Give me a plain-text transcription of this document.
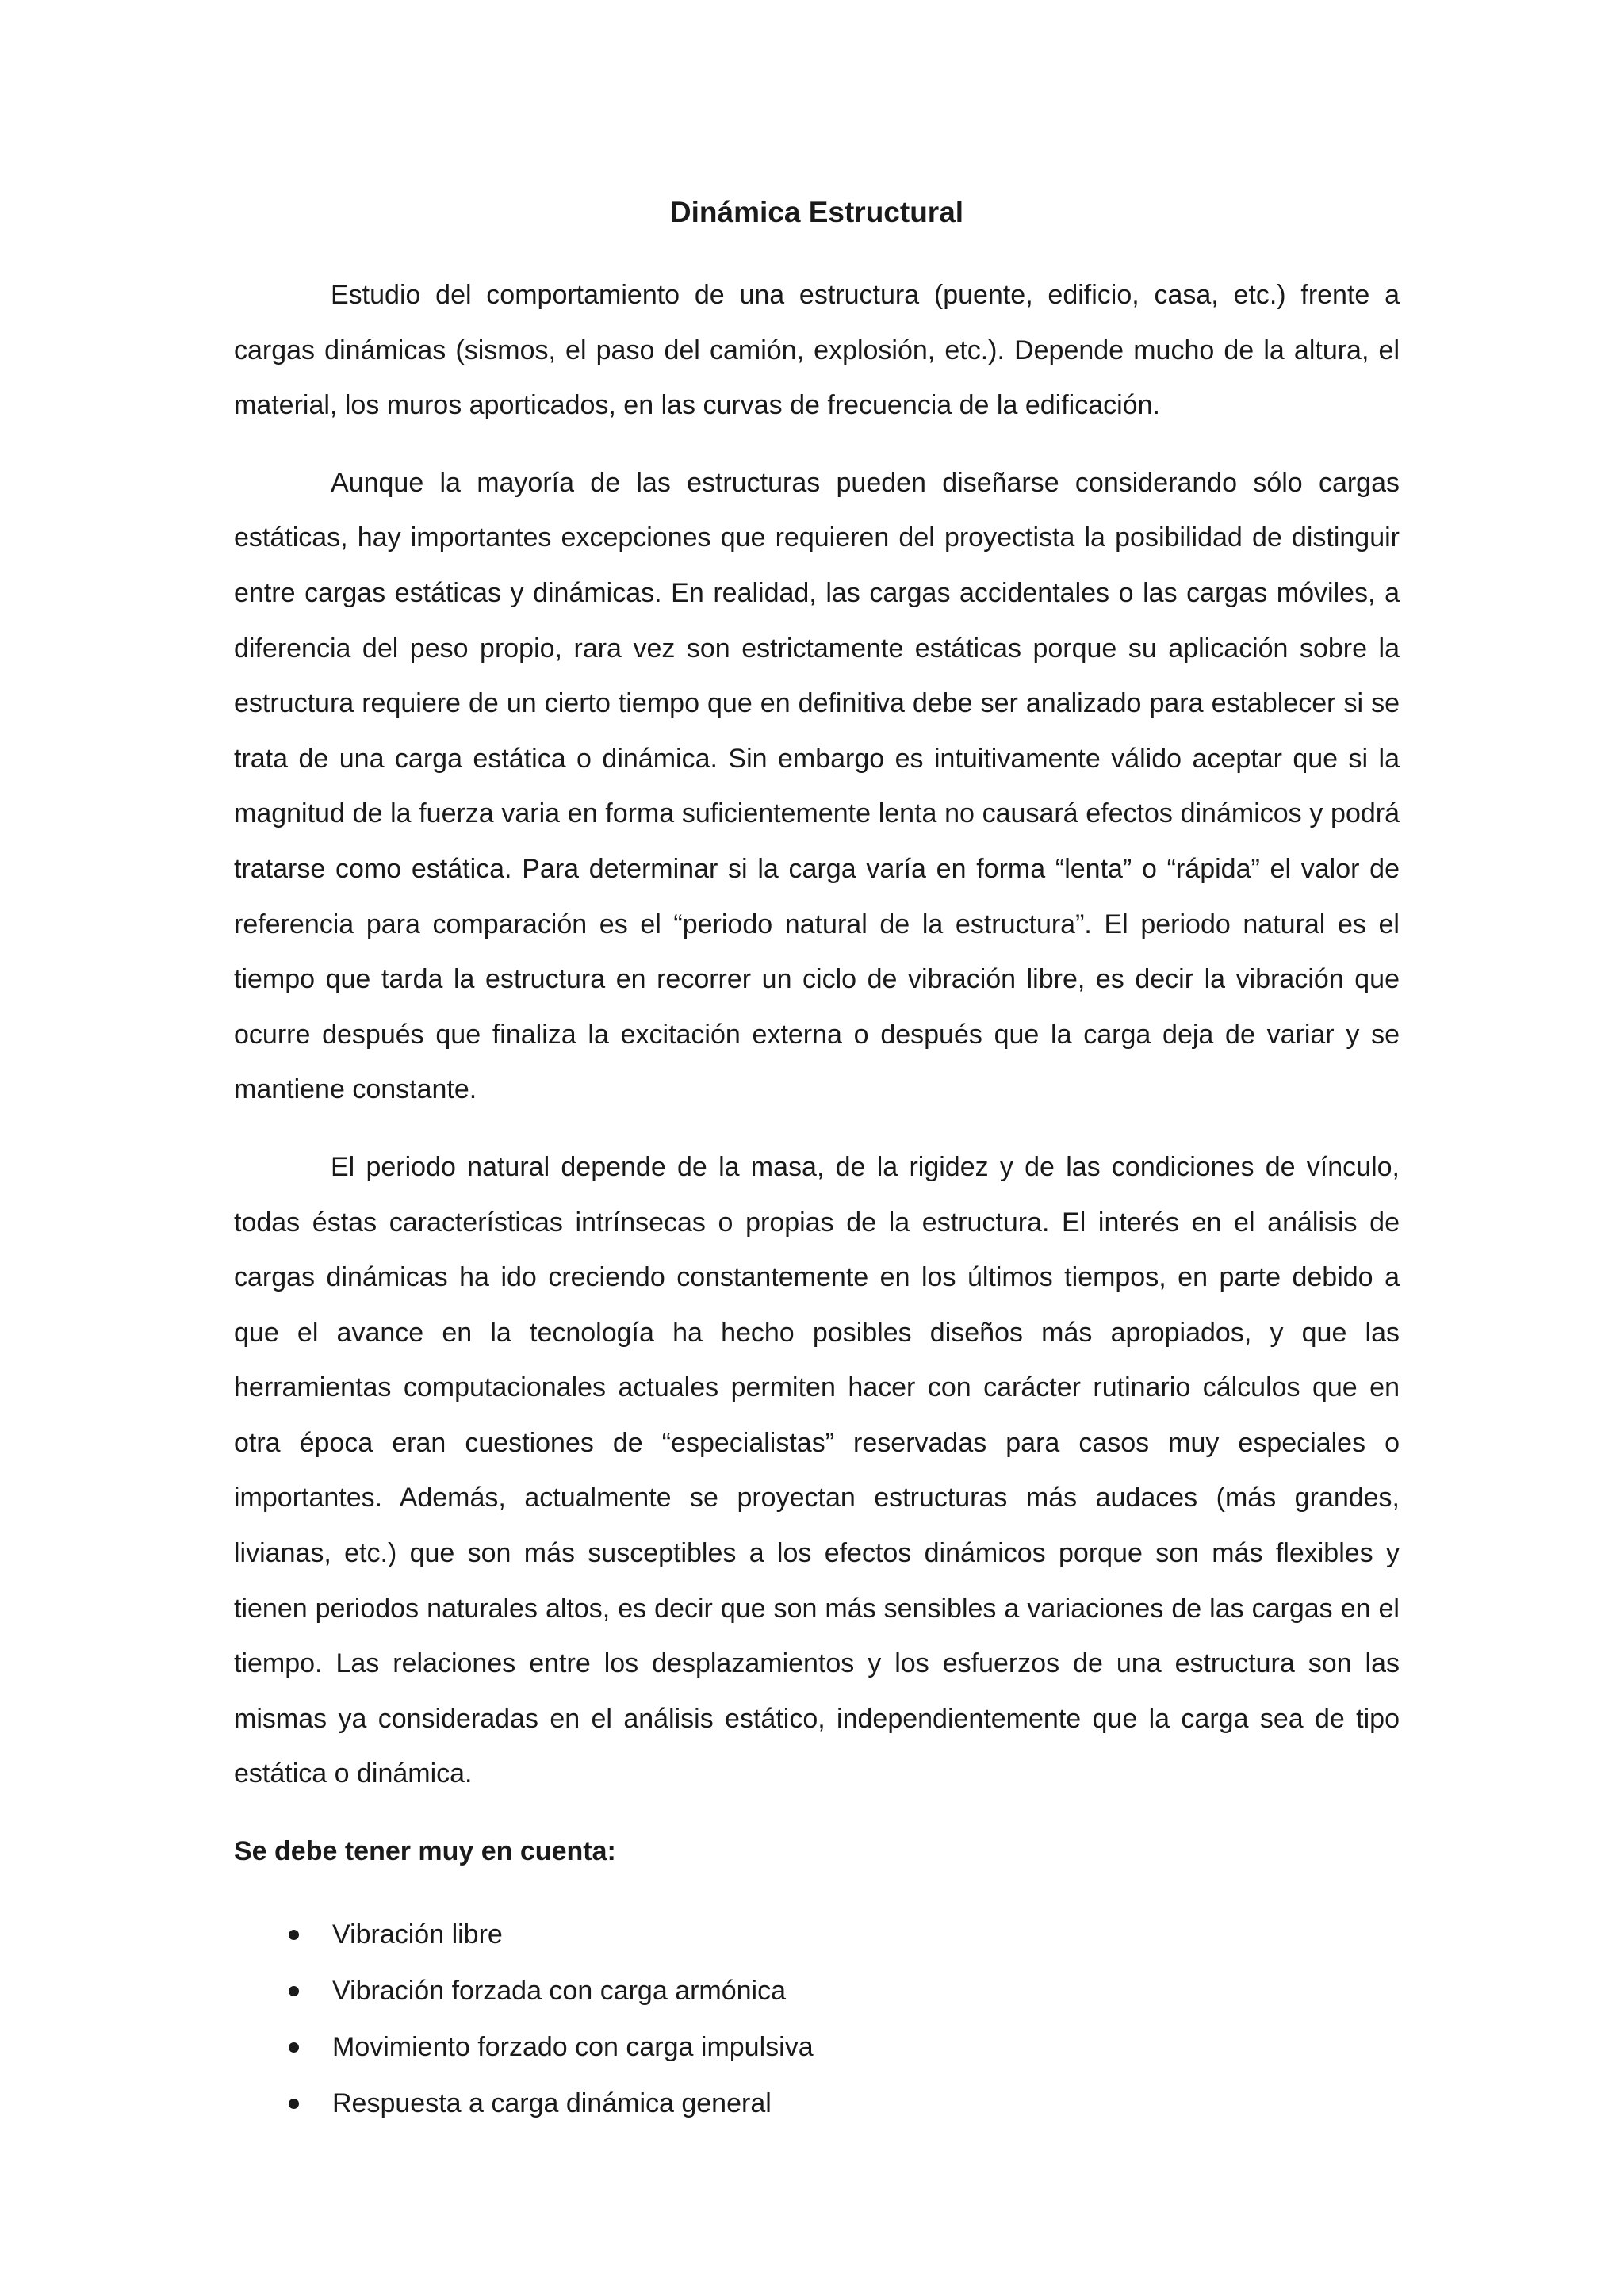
Dinámica Estructural

Estudio del comportamiento de una estructura (puente, edificio, casa, etc.) frente a cargas dinámicas (sismos, el paso del camión, explosión, etc.). Depende mucho de la altura, el material, los muros aporticados, en las curvas de frecuencia de la edificación.

Aunque la mayoría de las estructuras pueden diseñarse considerando sólo cargas estáticas, hay importantes excepciones que requieren del proyectista la posibilidad de distinguir entre cargas estáticas y dinámicas. En realidad, las cargas accidentales o las cargas móviles, a diferencia del peso propio, rara vez son estrictamente estáticas porque su aplicación sobre la estructura requiere de un cierto tiempo que en definitiva debe ser analizado para establecer si se trata de una carga estática o dinámica. Sin embargo es intuitivamente válido aceptar que si la magnitud de la fuerza varia en forma suficientemente lenta no causará efectos dinámicos y podrá tratarse como estática. Para determinar si la carga varía en forma “lenta” o “rápida” el valor de referencia para comparación es el “periodo natural de la estructura”. El periodo natural es el tiempo que tarda la estructura en recorrer un ciclo de vibración libre, es decir la vibración que ocurre después que finaliza la excitación externa o después que la carga deja de variar y se mantiene constante.

El periodo natural depende de la masa, de la rigidez y de las condiciones de vínculo, todas éstas características intrínsecas o propias de la estructura. El interés en el análisis de cargas dinámicas ha ido creciendo constantemente en los últimos tiempos, en parte debido a que el avance en la tecnología ha hecho posibles diseños más apropiados, y que las herramientas computacionales actuales permiten hacer con carácter rutinario cálculos que en otra época eran cuestiones de “especialistas” reservadas para casos muy especiales o importantes. Además, actualmente se proyectan estructuras más audaces (más grandes, livianas, etc.) que son más susceptibles a los efectos dinámicos porque son más flexibles y tienen periodos naturales altos, es decir que son más sensibles a variaciones de las cargas en el tiempo. Las relaciones entre los desplazamientos y los esfuerzos de una estructura son las mismas ya consideradas en el análisis estático, independientemente que la carga sea de tipo estática o dinámica.

Se debe tener muy en cuenta:
Vibración libre
Vibración forzada con carga armónica
Movimiento forzado con carga impulsiva
Respuesta a carga dinámica general
